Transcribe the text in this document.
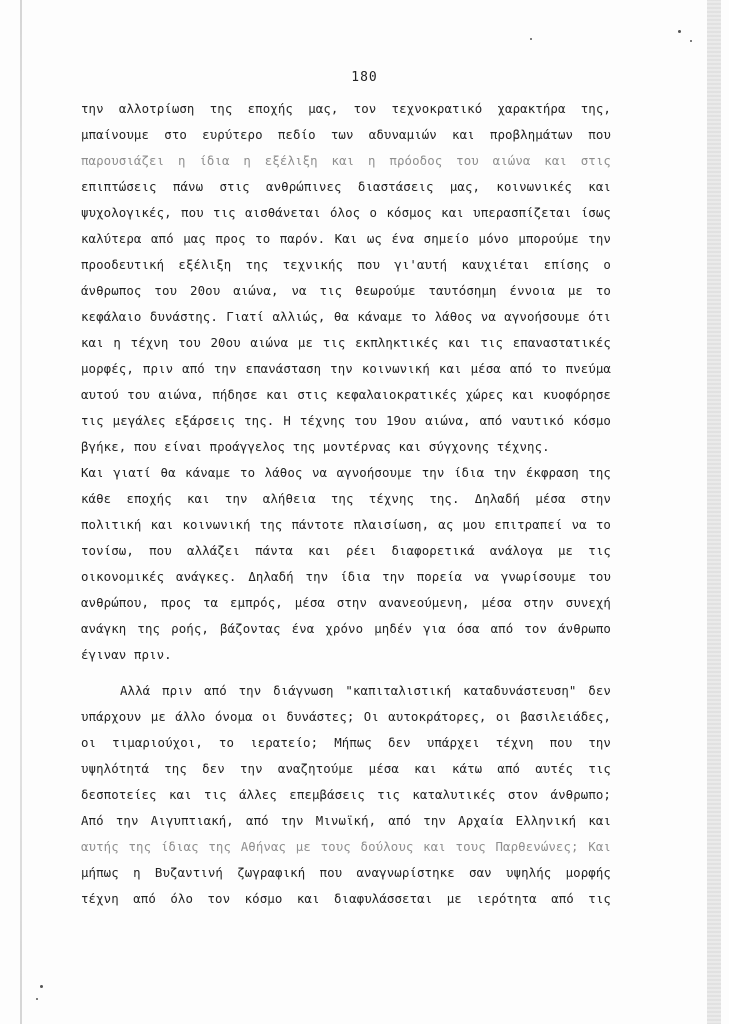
180
την αλλοτρίωση της εποχής μας, τον τεχνοκρατικό χαρακτήρα της,
μπαίνουμε στο ευρύτερο πεδίο των αδυναμιών και προβλημάτων που
παρουσιάζει η ίδια η εξέλιξη και η πρόοδος του αιώνα και στις
επιπτώσεις πάνω στις ανθρώπινες διαστάσεις μας, κοινωνικές και
ψυχολογικές, που τις αισθάνεται όλος ο κόσμος και υπερασπίζεται ίσως
καλύτερα από μας προς το παρόν. Και ως ένα σημείο μόνο μπορούμε την
προοδευτική εξέλιξη της τεχνικής που γι'αυτή καυχιέται επίσης ο
άνθρωπος του 20ου αιώνα, να τις θεωρούμε ταυτόσημη έννοια με το
κεφάλαιο δυνάστης. Γιατί αλλιώς, θα κάναμε το λάθος να αγνοήσουμε ότι
και η τέχνη του 20ου αιώνα με τις εκπληκτικές και τις επαναστατικές
μορφές, πριν από την επανάσταση την κοινωνική και μέσα από το πνεύμα
αυτού του αιώνα, πήδησε και στις κεφαλαιοκρατικές χώρες και κυοφόρησε
τις μεγάλες εξάρσεις της. Η τέχνης του 19ου αιώνα, από ναυτικό κόσμο
βγήκε, που είναι προάγγελος της μοντέρνας και σύγχονης τέχνης.
Και γιατί θα κάναμε το λάθος να αγνοήσουμε την ίδια την έκφραση της
κάθε εποχής και την αλήθεια της τέχνης της. Δηλαδή μέσα στην
πολιτική και κοινωνική της πάντοτε πλαισίωση, ας μου επιτραπεί να το
τονίσω, που αλλάζει πάντα και ρέει διαφορετικά ανάλογα με τις
οικονομικές ανάγκες. Δηλαδή την ίδια την πορεία να γνωρίσουμε του
ανθρώπου, προς τα εμπρός, μέσα στην ανανεούμενη, μέσα στην συνεχή
ανάγκη της ροής, βάζοντας ένα χρόνο μηδέν για όσα από τον άνθρωπο
έγιναν πριν.
Αλλά πριν από την διάγνωση "καπιταλιστική καταδυνάστευση" δεν
υπάρχουν με άλλο όνομα οι δυνάστες; Οι αυτοκράτορες, οι βασιλειάδες,
οι τιμαριούχοι, το ιερατείο; Μήπως δεν υπάρχει τέχνη που την
υψηλότητά της δεν την αναζητούμε μέσα και κάτω από αυτές τις
δεσποτείες και τις άλλες επεμβάσεις τις καταλυτικές στον άνθρωπο;
Από την Αιγυπτιακή, από την Μινωϊκή, από την Αρχαία Ελληνική και
αυτής της ίδιας της Αθήνας με τους δούλους και τους Παρθενώνες; Και
μήπως η Βυζαντινή ζωγραφική που αναγνωρίστηκε σαν υψηλής μορφής
τέχνη από όλο τον κόσμο και διαφυλάσσεται με ιερότητα από τις
